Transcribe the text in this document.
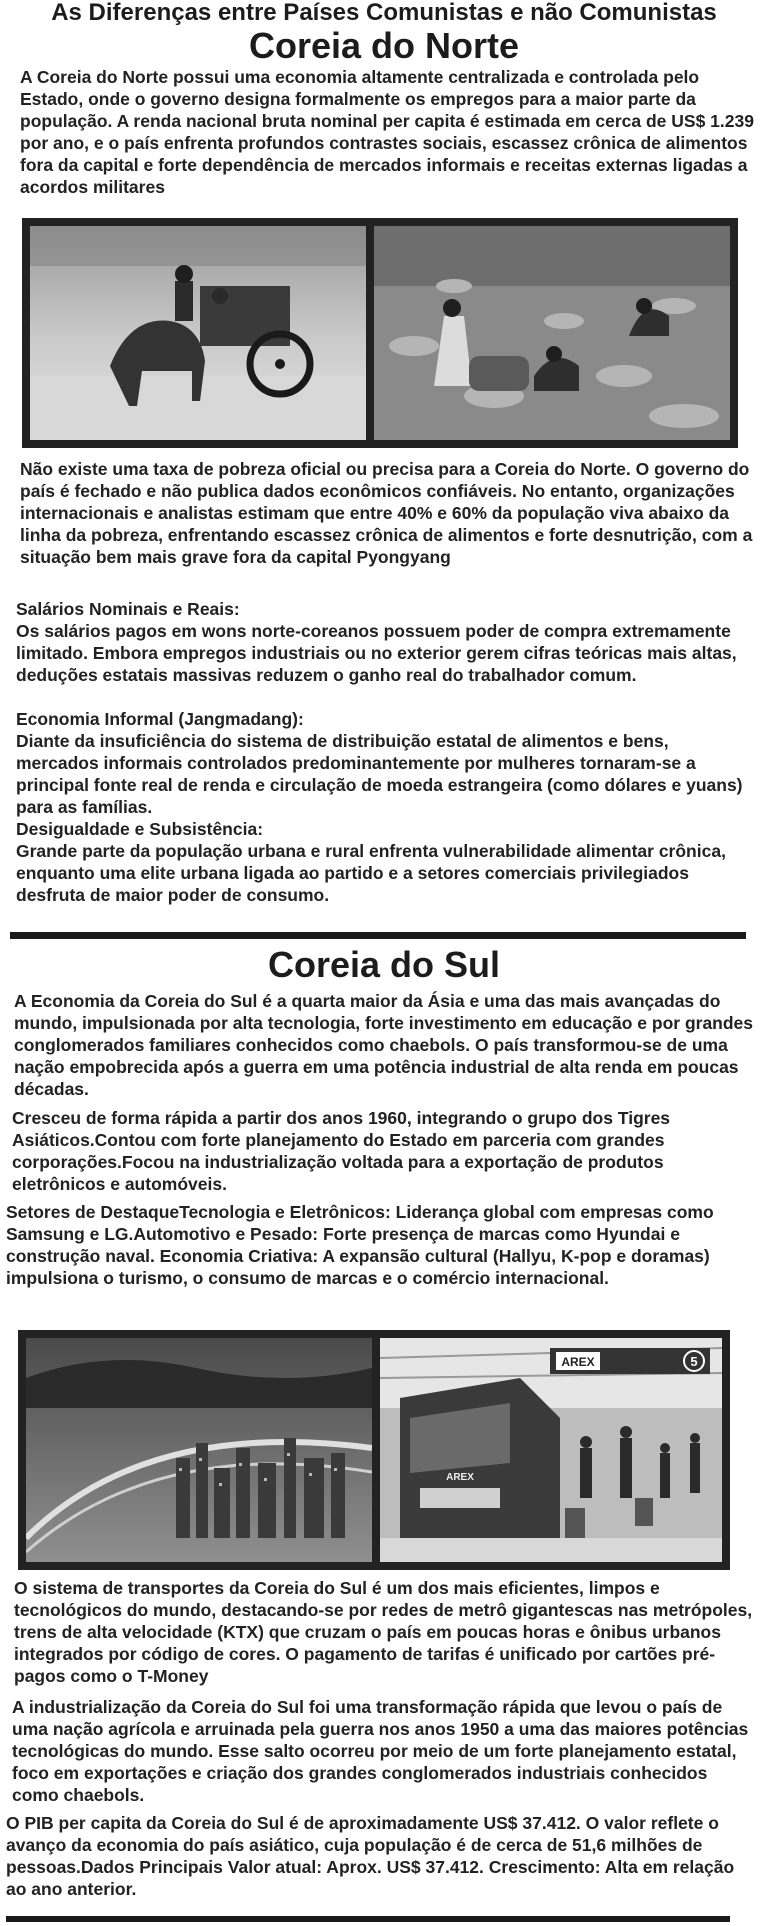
As Diferenças entre Países Comunistas e não Comunistas
Coreia do Norte
A Coreia do Norte possui uma economia altamente centralizada e controlada pelo Estado, onde o governo designa formalmente os empregos para a maior parte da população. A renda nacional bruta nominal per capita é estimada em cerca de US$ 1.239 por ano, e o país enfrenta profundos contrastes sociais, escassez crônica de alimentos fora da capital e forte dependência de mercados informais e receitas externas ligadas a acordos militares
Não existe uma taxa de pobreza oficial ou precisa para a Coreia do Norte. O governo do país é fechado e não publica dados econômicos confiáveis. No entanto, organizações internacionais e analistas estimam que entre 40% e 60% da população viva abaixo da linha da pobreza, enfrentando escassez crônica de alimentos e forte desnutrição, com a situação bem mais grave fora da capital Pyongyang
Salários Nominais e Reais:
Os salários pagos em wons norte-coreanos possuem poder de compra extremamente limitado. Embora empregos industriais ou no exterior gerem cifras teóricas mais altas, deduções estatais massivas reduzem o ganho real do trabalhador comum.
Economia Informal (Jangmadang):
Diante da insuficiência do sistema de distribuição estatal de alimentos e bens, mercados informais controlados predominantemente por mulheres tornaram-se a principal fonte real de renda e circulação de moeda estrangeira (como dólares e yuans) para as famílias.
Desigualdade e Subsistência:
Grande parte da população urbana e rural enfrenta vulnerabilidade alimentar crônica, enquanto uma elite urbana ligada ao partido e a setores comerciais privilegiados desfruta de maior poder de consumo.
Coreia do Sul
A Economia da Coreia do Sul é a quarta maior da Ásia e uma das mais avançadas do mundo, impulsionada por alta tecnologia, forte investimento em educação e por grandes conglomerados familiares conhecidos como chaebols. O país transformou-se de uma nação empobrecida após a guerra em uma potência industrial de alta renda em poucas décadas.
Cresceu de forma rápida a partir dos anos 1960, integrando o grupo dos Tigres Asiáticos.Contou com forte planejamento do Estado em parceria com grandes corporações.Focou na industrialização voltada para a exportação de produtos eletrônicos e automóveis.
Setores de DestaqueTecnologia e Eletrônicos: Liderança global com empresas como Samsung e LG.Automotivo e Pesado: Forte presença de marcas como Hyundai e construção naval. Economia Criativa: A expansão cultural (Hallyu, K-pop e doramas) impulsiona o turismo, o consumo de marcas e o comércio internacional.
AREX	5
AREX
O sistema de transportes da Coreia do Sul é um dos mais eficientes, limpos e tecnológicos do mundo, destacando-se por redes de metrô gigantescas nas metrópoles, trens de alta velocidade (KTX) que cruzam o país em poucas horas e ônibus urbanos integrados por código de cores. O pagamento de tarifas é unificado por cartões pré-pagos como o T-Money
A industrialização da Coreia do Sul foi uma transformação rápida que levou o país de uma nação agrícola e arruinada pela guerra nos anos 1950 a uma das maiores potências tecnológicas do mundo. Esse salto ocorreu por meio de um forte planejamento estatal, foco em exportações e criação dos grandes conglomerados industriais conhecidos como chaebols.
O PIB per capita da Coreia do Sul é de aproximadamente US$ 37.412. O valor reflete o avanço da economia do país asiático, cuja população é de cerca de 51,6 milhões de pessoas.Dados Principais Valor atual: Aprox. US$ 37.412. Crescimento: Alta em relação ao ano anterior.
